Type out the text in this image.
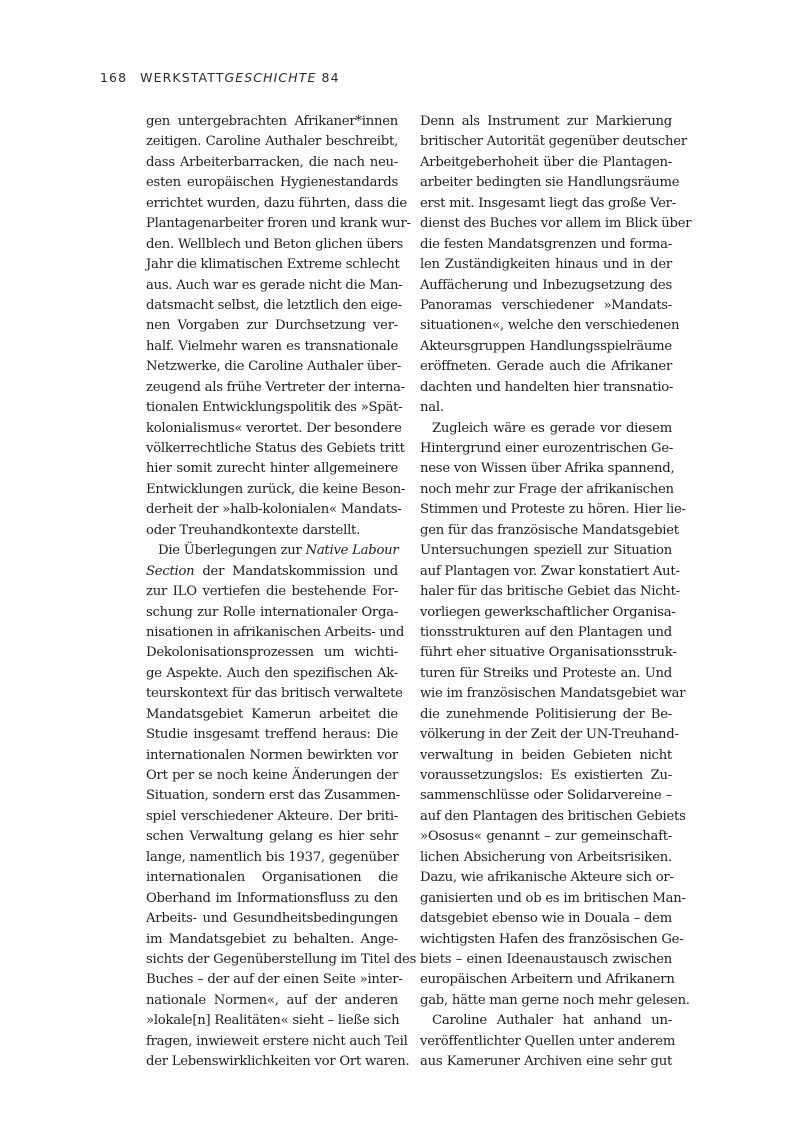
168 WERKSTATTGESCHICHTE 84
gen untergebrachten Afrikaner*innen
zeitigen. Caroline Authaler beschreibt,
dass Arbeiterbarracken, die nach neu-
esten europäischen Hygienestandards
errichtet wurden, dazu führten, dass die
Plantagenarbeiter froren und krank wur-
den. Wellblech und Beton glichen übers
Jahr die klimatischen Extreme schlecht
aus. Auch war es gerade nicht die Man-
datsmacht selbst, die letztlich den eige-
nen Vorgaben zur Durchsetzung ver-
half. Vielmehr waren es transnationale
Netzwerke, die Caroline Authaler über-
zeugend als frühe Vertreter der interna-
tionalen Entwicklungspolitik des »Spät-
kolonialismus« verortet. Der besondere
völkerrechtliche Status des Gebiets tritt
hier somit zurecht hinter allgemeinere
Entwicklungen zurück, die keine Beson-
derheit der »halb-kolonialen« Mandats-
oder Treuhandkontexte darstellt.
Die Überlegungen zur Native Labour
Section der Mandatskommission und
zur ILO vertiefen die bestehende For-
schung zur Rolle internationaler Orga-
nisationen in afrikanischen Arbeits- und
Dekolonisationsprozessen um wichti-
ge Aspekte. Auch den spezifischen Ak-
teurskontext für das britisch verwaltete
Mandatsgebiet Kamerun arbeitet die
Studie insgesamt treffend heraus: Die
internationalen Normen bewirkten vor
Ort per se noch keine Änderungen der
Situation, sondern erst das Zusammen-
spiel verschiedener Akteure. Der briti-
schen Verwaltung gelang es hier sehr
lange, namentlich bis 1937, gegenüber
internationalen Organisationen die
Oberhand im Informationsfluss zu den
Arbeits- und Gesundheitsbedingungen
im Mandatsgebiet zu behalten. Ange-
sichts der Gegenüberstellung im Titel des
Buches – der auf der einen Seite »inter-
nationale Normen«, auf der anderen
»lokale[n] Realitäten« sieht – ließe sich
fragen, inwieweit erstere nicht auch Teil
der Lebenswirklichkeiten vor Ort waren.
Denn als Instrument zur Markierung
britischer Autorität gegenüber deutscher
Arbeitgeberhoheit über die Plantagen-
arbeiter bedingten sie Handlungsräume
erst mit. Insgesamt liegt das große Ver-
dienst des Buches vor allem im Blick über
die festen Mandatsgrenzen und forma-
len Zuständigkeiten hinaus und in der
Auffächerung und Inbezugsetzung des
Panoramas verschiedener »Mandats-
situationen«, welche den verschiedenen
Akteursgruppen Handlungsspielräume
eröffneten. Gerade auch die Afrikaner
dachten und handelten hier transnatio-
nal.
Zugleich wäre es gerade vor diesem
Hintergrund einer eurozentrischen Ge-
nese von Wissen über Afrika spannend,
noch mehr zur Frage der afrikanischen
Stimmen und Proteste zu hören. Hier lie-
gen für das französische Mandatsgebiet
Untersuchungen speziell zur Situation
auf Plantagen vor. Zwar konstatiert Aut-
haler für das britische Gebiet das Nicht-
vorliegen gewerkschaftlicher Organisa-
tionsstrukturen auf den Plantagen und
führt eher situative Organisationsstruk-
turen für Streiks und Proteste an. Und
wie im französischen Mandatsgebiet war
die zunehmende Politisierung der Be-
völkerung in der Zeit der UN-Treuhand-
verwaltung in beiden Gebieten nicht
voraussetzungslos: Es existierten Zu-
sammenschlüsse oder Solidarvereine –
auf den Plantagen des britischen Gebiets
»Ososus« genannt – zur gemeinschaft-
lichen Absicherung von Arbeitsrisiken.
Dazu, wie afrikanische Akteure sich or-
ganisierten und ob es im britischen Man-
datsgebiet ebenso wie in Douala – dem
wichtigsten Hafen des französischen Ge-
biets – einen Ideenaustausch zwischen
europäischen Arbeitern und Afrikanern
gab, hätte man gerne noch mehr gelesen.
Caroline Authaler hat anhand un-
veröffentlichter Quellen unter anderem
aus Kameruner Archiven eine sehr gut
